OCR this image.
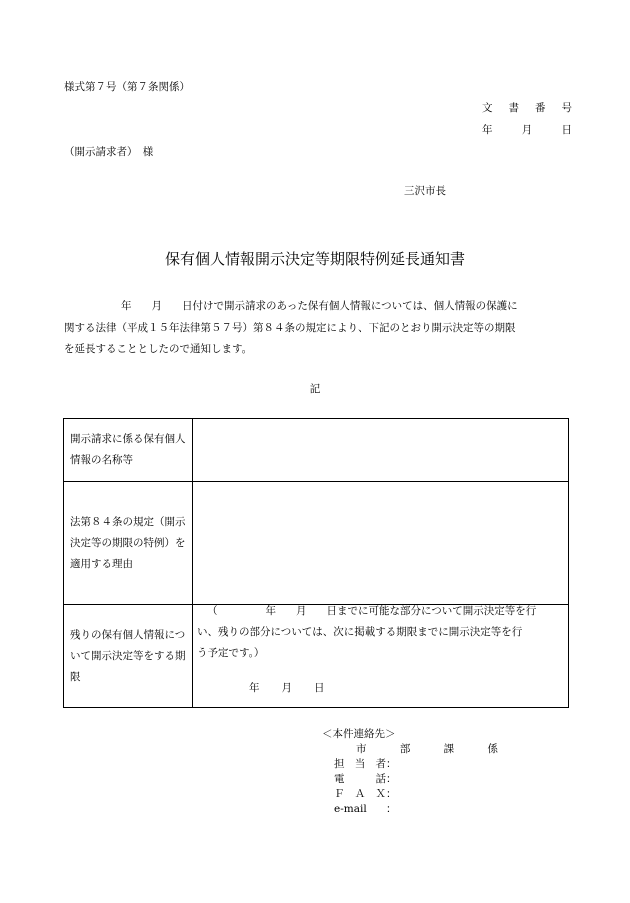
様式第７号（第７条関係）
文 書 番 号
年	月	日
（開示請求者）　様
三沢市長
保有個人情報開示決定等期限特例延長通知書

年 月 日付けで開示請求のあった保有個人情報については、個人情報の保護に

関する法律（平成１５年法律第５７号）第８４条の規定により、下記のとおり開示決定等の期限

を延長することとしたので通知します。

記
開示請求に係る保有個人情報の名称等	
法第８４条の規定（開示決定等の期限の特例）を適用する理由	
残りの保有個人情報について開示決定等をする期限	（ 年 月 日までに可能な部分について開示決定等を行
い、残りの部分については、次に掲載する期限までに開示決定等を行
う予定です。）
年 月 日
＜本件連絡先＞
市	部	課	係
担当者 ：
電　話 ：
ＦＡＸ ：
e-mail	：
